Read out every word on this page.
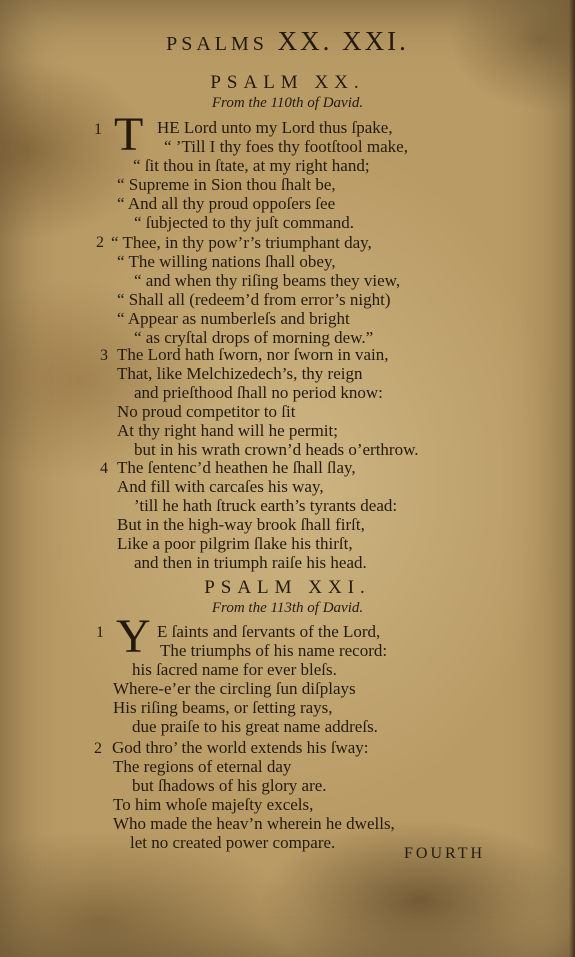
PSALMS XX. XXI.
PSALM XX.
From the 110th of David.
1 T HE Lord unto my Lord thus ſpake,
“ ’Till I thy foes thy footſtool make,
“ ſit thou in ſtate, at my right hand;
“ Supreme in Sion thou ſhalt be,
“ And all thy proud oppoſers ſee
“ ſubjected to thy juſt command.
2 “ Thee, in thy pow’r’s triumphant day,
“ The willing nations ſhall obey,
“ and when thy riſing beams they view,
“ Shall all (redeem’d from error’s night)
“ Appear as numberleſs and bright
“ as cryſtal drops of morning dew.”
3 The Lord hath ſworn, nor ſworn in vain,
That, like Melchizedech’s, thy reign
and prieſthood ſhall no period know:
No proud competitor to ſit
At thy right hand will he permit;
but in his wrath crown’d heads o’erthrow.
4 The ſentenc’d heathen he ſhall ſlay,
And fill with carcaſes his way,
’till he hath ſtruck earth’s tyrants dead:
But in the high-way brook ſhall firſt,
Like a poor pilgrim ſlake his thirſt,
and then in triumph raiſe his head.
PSALM XXI.
From the 113th of David.
1 Y E ſaints and ſervants of the Lord,
The triumphs of his name record:
his ſacred name for ever bleſs.
Where-e’er the circling ſun diſplays
His riſing beams, or ſetting rays,
due praiſe to his great name addreſs.
2 God thro’ the world extends his ſway:
The regions of eternal day
but ſhadows of his glory are.
To him whoſe majeſty excels,
Who made the heav’n wherein he dwells,
let no created power compare.
FOURTH
